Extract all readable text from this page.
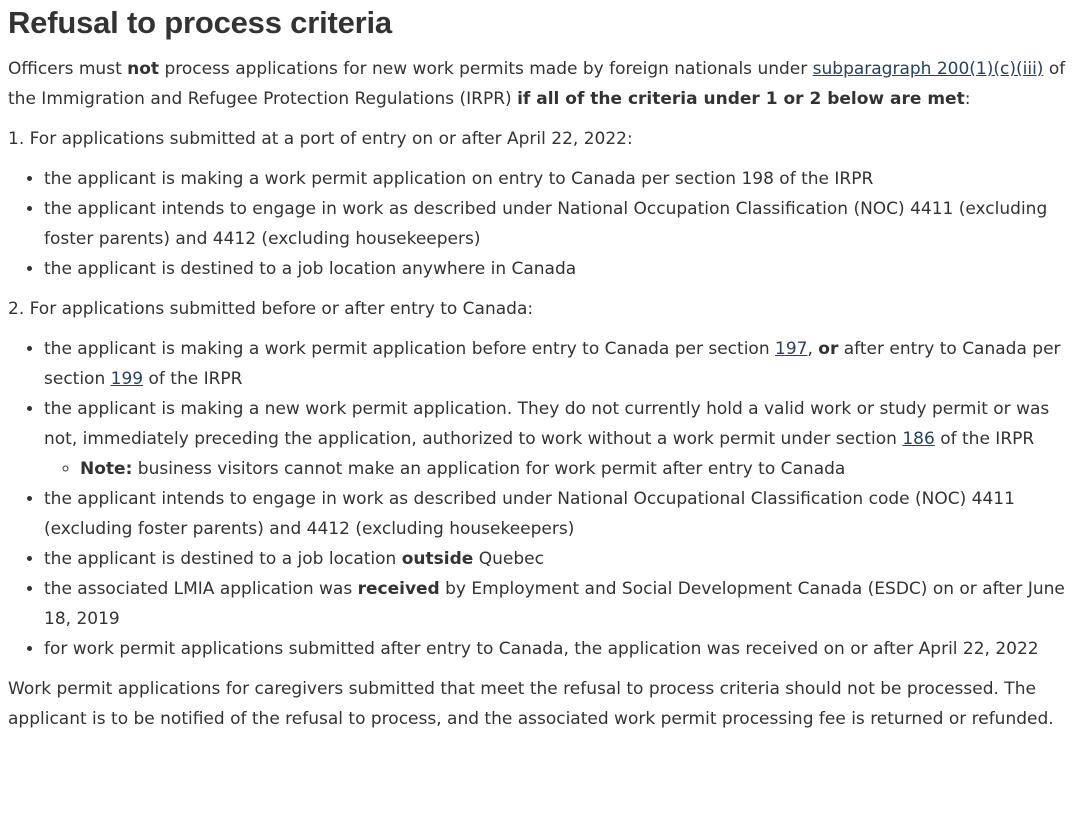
Refusal to process criteria

Officers must not process applications for new work permits made by foreign nationals under subparagraph 200(1)(c)(iii) of the Immigration and Refugee Protection Regulations (IRPR) if all of the criteria under 1 or 2 below are met:

1. For applications submitted at a port of entry on or after April 22, 2022:

• the applicant is making a work permit application on entry to Canada per section 198 of the IRPR
• the applicant intends to engage in work as described under National Occupation Classification (NOC) 4411 (excluding foster parents) and 4412 (excluding housekeepers)
• the applicant is destined to a job location anywhere in Canada

2. For applications submitted before or after entry to Canada:

• the applicant is making a work permit application before entry to Canada per section 197, or after entry to Canada per section 199 of the IRPR
• the applicant is making a new work permit application. They do not currently hold a valid work or study permit or was not, immediately preceding the application, authorized to work without a work permit under section 186 of the IRPR
◦ Note: business visitors cannot make an application for work permit after entry to Canada
• the applicant intends to engage in work as described under National Occupational Classification code (NOC) 4411 (excluding foster parents) and 4412 (excluding housekeepers)
• the applicant is destined to a job location outside Quebec
• the associated LMIA application was received by Employment and Social Development Canada (ESDC) on or after June 18, 2019
• for work permit applications submitted after entry to Canada, the application was received on or after April 22, 2022

Work permit applications for caregivers submitted that meet the refusal to process criteria should not be processed. The applicant is to be notified of the refusal to process, and the associated work permit processing fee is returned or refunded.
